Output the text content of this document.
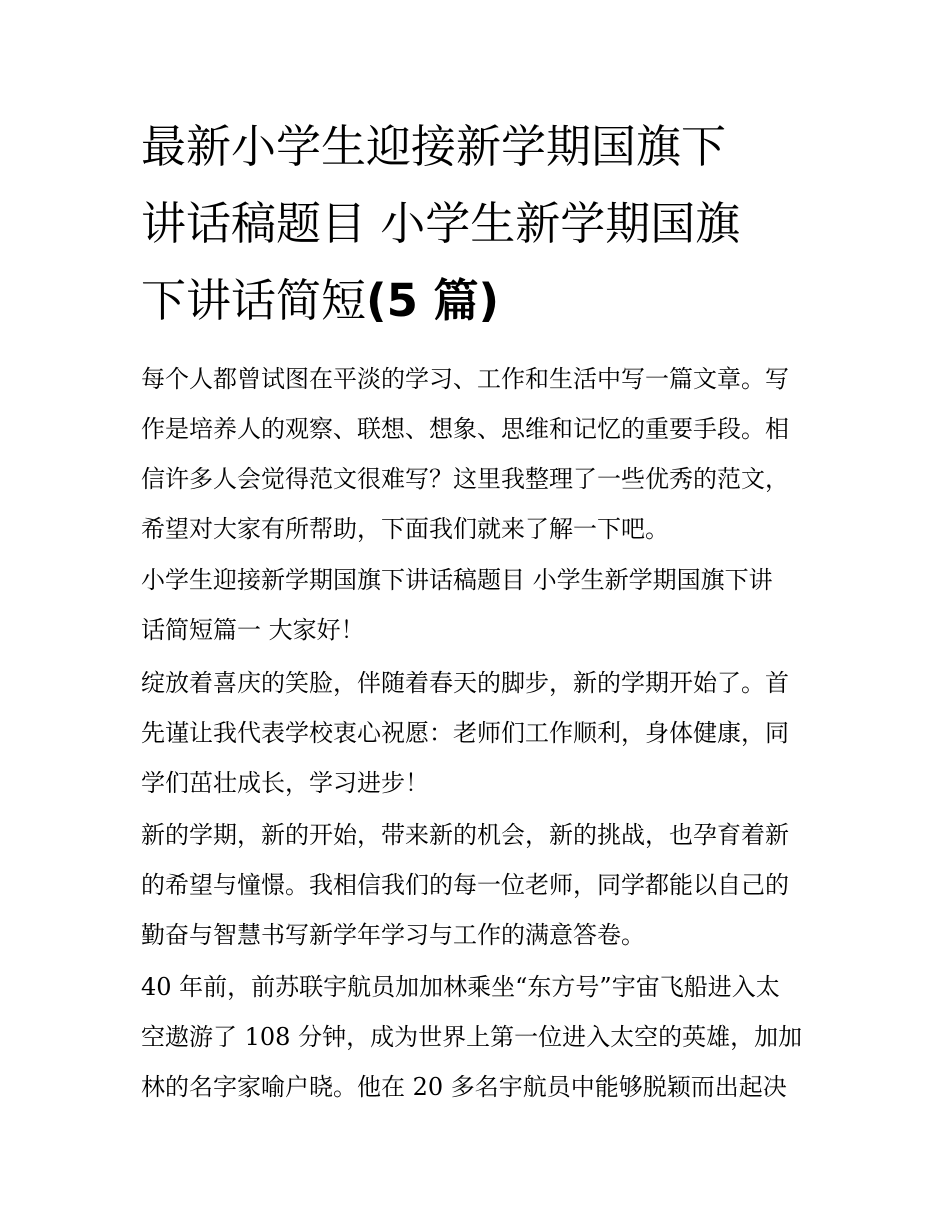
最新小学生迎接新学期国旗下
讲话稿题目 小学生新学期国旗
下讲话简短(5 篇)
每个人都曾试图在平淡的学习、工作和生活中写一篇文章。写
作是培养人的观察、联想、想象、思维和记忆的重要手段。相
信许多人会觉得范文很难写？这里我整理了一些优秀的范文，
希望对大家有所帮助，下面我们就来了解一下吧。
小学生迎接新学期国旗下讲话稿题目 小学生新学期国旗下讲
话简短篇一 大家好！
绽放着喜庆的笑脸，伴随着春天的脚步，新的学期开始了。首
先谨让我代表学校衷心祝愿：老师们工作顺利，身体健康，同
学们茁壮成长，学习进步！
新的学期，新的开始，带来新的机会，新的挑战，也孕育着新
的希望与憧憬。我相信我们的每一位老师，同学都能以自己的
勤奋与智慧书写新学年学习与工作的满意答卷。
40 年前，前苏联宇航员加加林乘坐“东方号”宇宙飞船进入太
空遨游了 108 分钟，成为世界上第一位进入太空的英雄，加加
林的名字家喻户晓。他在 20 多名宇航员中能够脱颖而出起决
